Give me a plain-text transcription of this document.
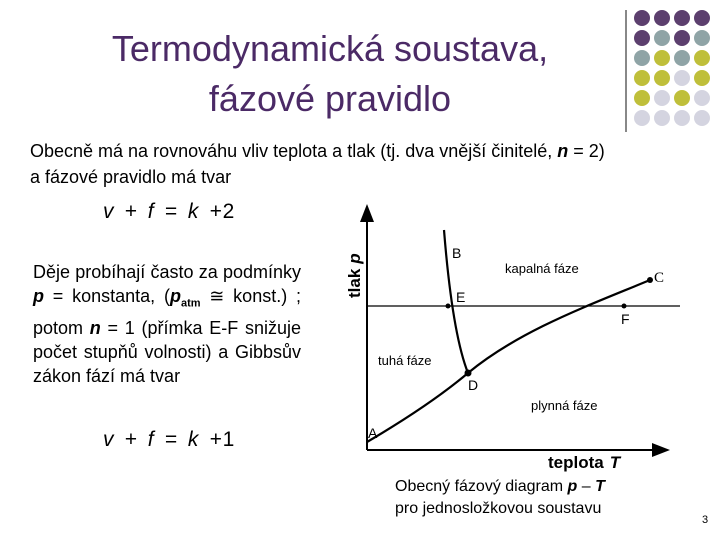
Termodynamická soustava,
fázové pravidlo
Obecně má na rovnováhu vliv teplota a tlak (tj. dva vnější činitelé, n = 2) a fázové pravidlo má tvar
v + f = k +2
Děje probíhají často za podmínky p = konstanta, ($p_{atm}$ ≅ konst.) ; potom n = 1 (přímka E-F snižuje počet stupňů volnosti) a Gibbsův zákon fází má tvar
v + f = k +1
tlakp
teplota T
A
B
C
D
E
F
kapalná fáze
tuhá fáze
plynná fáze
Obecný fázový diagram p – T
pro jednosložkovou soustavu
3
